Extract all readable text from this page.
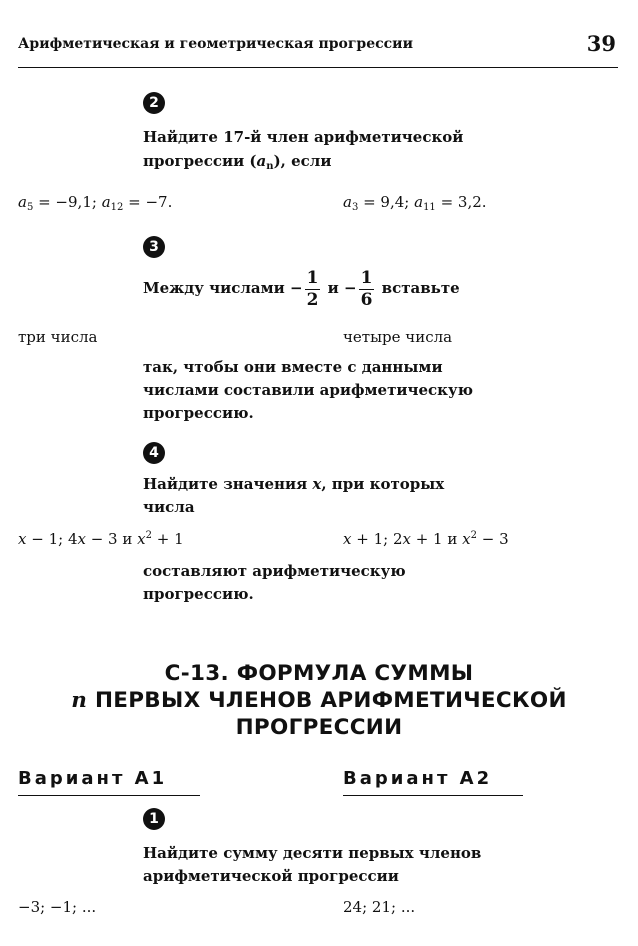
Арифметическая и геометрическая прогрессии	39
2
Найдите 17-й член арифметической
прогрессии $(a_n)$, если
$a_5 = -9,1$; $a_{12} = -7$.	$a_3 = 9,4$; $a_{11} = 3,2$.
3
Между числами − $\frac{1}{2}$ $и - \frac{1}{6}$ вставьте
три числа	четыре числа
так, чтобы они вместе с данными
числами составили арифметическую
прогрессию.
4
Найдите значения x, при которых
числа
x − 1; 4x − 3 и $x^2 + 1$	x + 1; 2x + 1 и $x^2 - 3$
составляют арифметическую
прогрессию.
С-13. ФОРМУЛА СУММЫ
n ПЕРВЫХ ЧЛЕНОВ АРИФМЕТИЧЕСКОЙ
ПРОГРЕССИИ
Вариант А1	Вариант А2
1
Найдите сумму десяти первых членов
арифметической прогрессии
−3; −1; ...	24; 21; ...
